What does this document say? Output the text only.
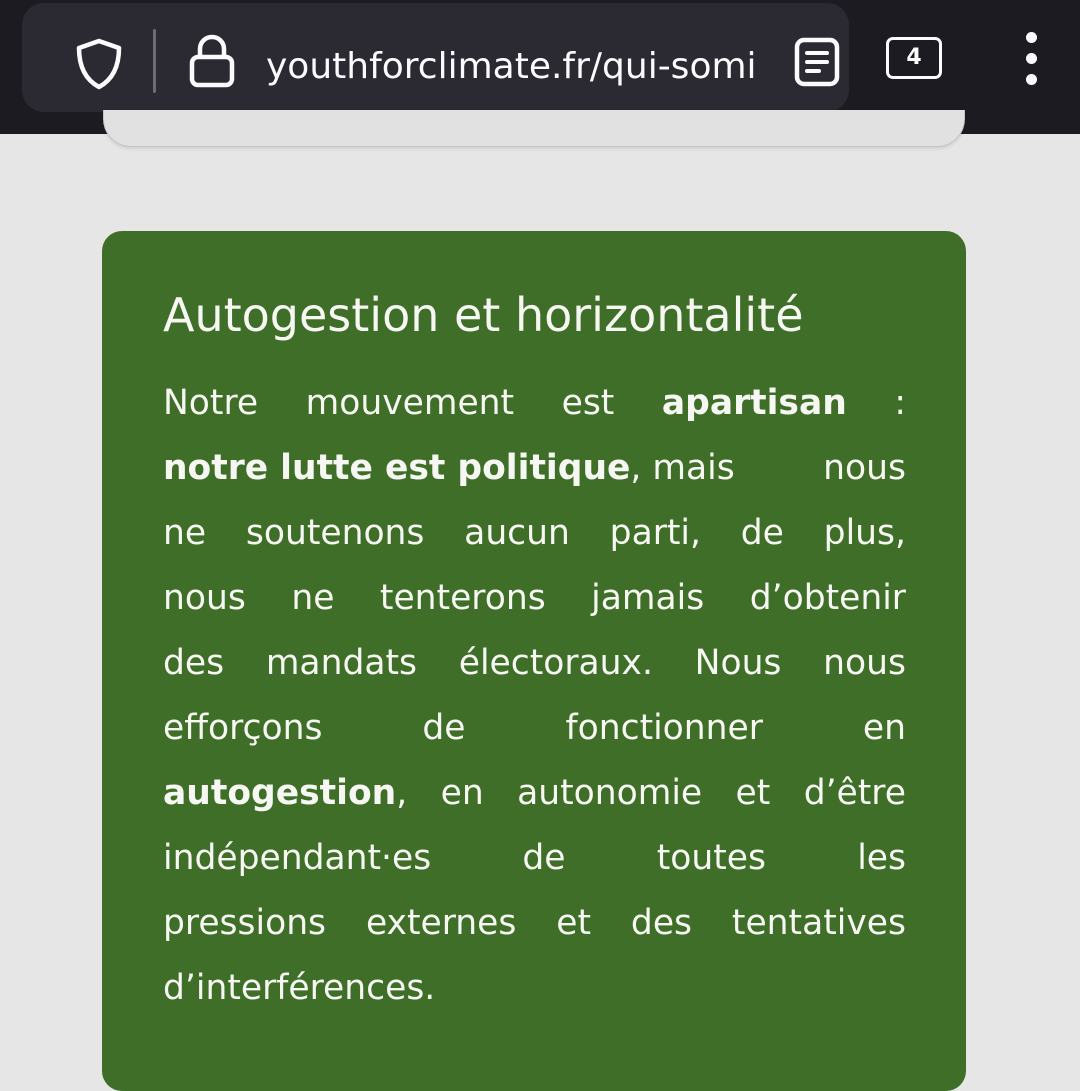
youthforclimate.fr/qui-somi	4
Autogestion et horizontalité
Notre mouvement est apartisan :
notre lutte est politique, mais	nous
ne soutenons aucun parti, de plus,
nous ne tenterons jamais d’obtenir
des mandats électoraux. Nous nous
efforçons	de	fonctionner	en
autogestion, en autonomie et d’être
indépendant·es	de	toutes	les
pressions externes et des tentatives
d’interférences.
